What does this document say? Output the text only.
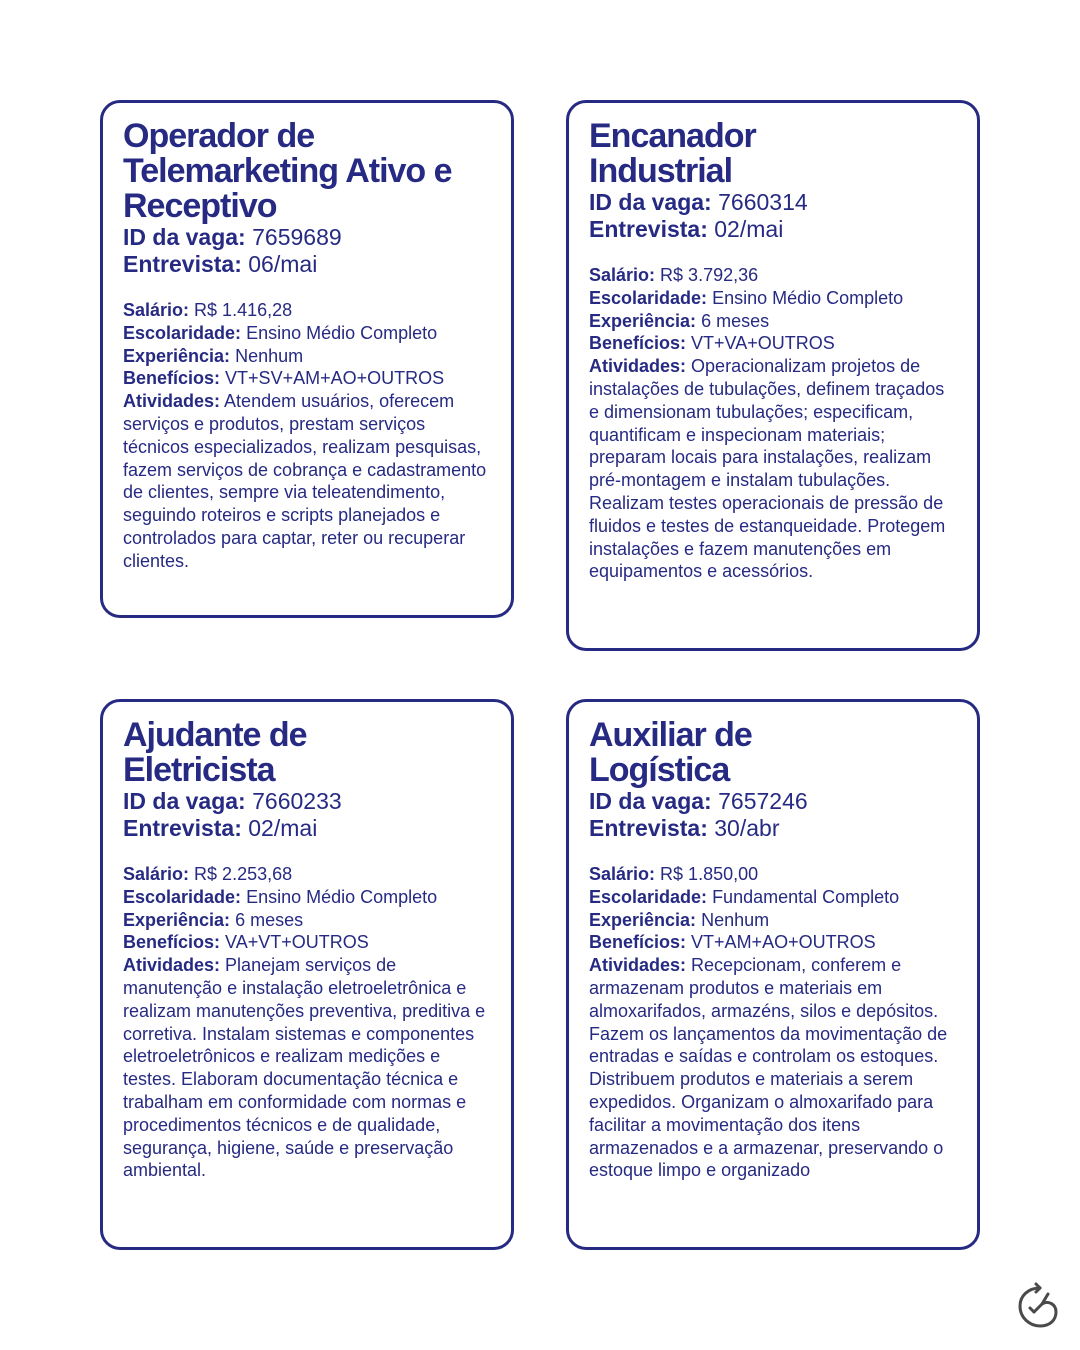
Operador de Telemarketing Ativo e Receptivo
ID da vaga: 7659689
Entrevista: 06/mai
Salário: R$ 1.416,28
Escolaridade: Ensino Médio Completo
Experiência: Nenhum
Benefícios: VT+SV+AM+AO+OUTROS
Atividades: Atendem usuários, oferecem serviços e produtos, prestam serviços técnicos especializados, realizam pesquisas, fazem serviços de cobrança e cadastramento de clientes, sempre via teleatendimento, seguindo roteiros e scripts planejados e controlados para captar, reter ou recuperar clientes.
Encanador Industrial
ID da vaga: 7660314
Entrevista: 02/mai
Salário: R$ 3.792,36
Escolaridade: Ensino Médio Completo
Experiência: 6 meses
Benefícios: VT+VA+OUTROS
Atividades: Operacionalizam projetos de instalações de tubulações, definem traçados e dimensionam tubulações; especificam, quantificam e inspecionam materiais; preparam locais para instalações, realizam pré-montagem e instalam tubulações. Realizam testes operacionais de pressão de fluidos e testes de estanqueidade. Protegem instalações e fazem manutenções em equipamentos e acessórios.
Ajudante de Eletricista
ID da vaga: 7660233
Entrevista: 02/mai
Salário: R$ 2.253,68
Escolaridade: Ensino Médio Completo
Experiência: 6 meses
Benefícios: VA+VT+OUTROS
Atividades: Planejam serviços de manutenção e instalação eletroeletrônica e realizam manutenções preventiva, preditiva e corretiva. Instalam sistemas e componentes eletroeletrônicos e realizam medições e testes. Elaboram documentação técnica e trabalham em conformidade com normas e procedimentos técnicos e de qualidade, segurança, higiene, saúde e preservação ambiental.
Auxiliar de Logística
ID da vaga: 7657246
Entrevista: 30/abr
Salário: R$ 1.850,00
Escolaridade: Fundamental Completo
Experiência: Nenhum
Benefícios: VT+AM+AO+OUTROS
Atividades: Recepcionam, conferem e armazenam produtos e materiais em almoxarifados, armazéns, silos e depósitos. Fazem os lançamentos da movimentação de entradas e saídas e controlam os estoques. Distribuem produtos e materiais a serem expedidos. Organizam o almoxarifado para facilitar a movimentação dos itens armazenados e a armazenar, preservando o estoque limpo e organizado
